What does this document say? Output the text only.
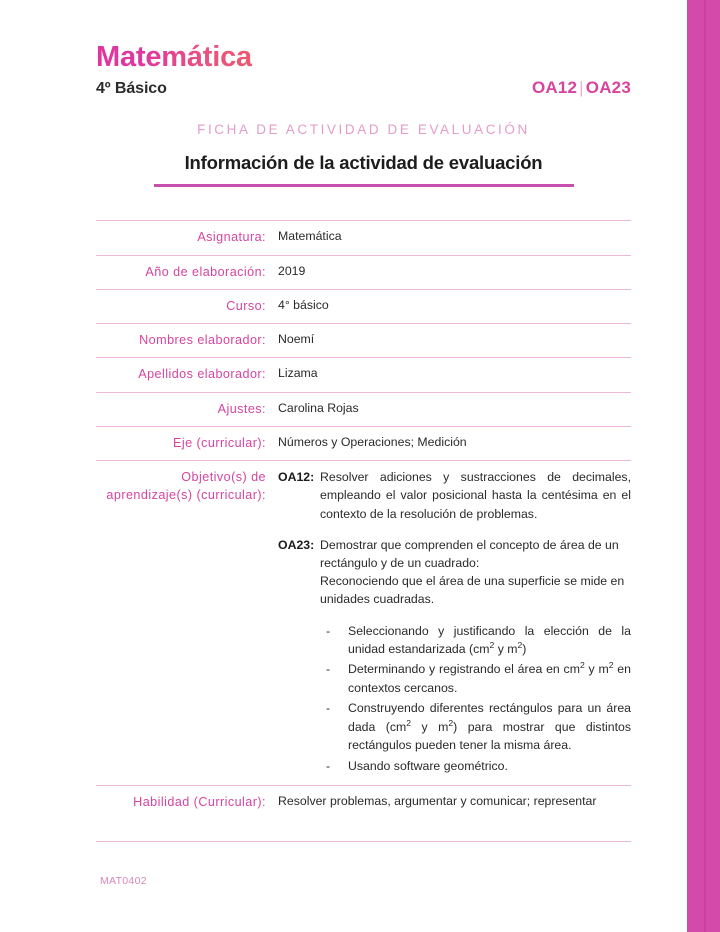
Matemática
4º Básico	OA12 | OA23
FICHA DE ACTIVIDAD DE EVALUACIÓN
Información de la actividad de evaluación
Asignatura:	Matemática
Año de elaboración:	2019
Curso:	4° básico
Nombres elaborador:	Noemí
Apellidos elaborador:	Lizama
Ajustes:	Carolina Rojas
Eje (curricular):	Números y Operaciones; Medición
Objetivo(s) de aprendizaje(s) (curricular):	
OA12: Resolver adiciones y sustracciones de decimales, empleando el valor posicional hasta la centésima en el contexto de la resolución de problemas.
OA23: Demostrar que comprenden el concepto de área de un rectángulo y de un cuadrado:
Reconociendo que el área de una superficie se mide en unidades cuadradas.
- Seleccionando y justificando la elección de la unidad estandarizada ($cm^2$ y $m^2$)
- Determinando y registrando el área en $cm^2$ y $m^2$ en contextos cercanos.
- Construyendo diferentes rectángulos para un área dada ($cm^2$ y $m^2$) para mostrar que distintos rectángulos pueden tener la misma área.
- Usando software geométrico.

Habilidad (Curricular):	Resolver problemas, argumentar y comunicar; representar
MAT0402
